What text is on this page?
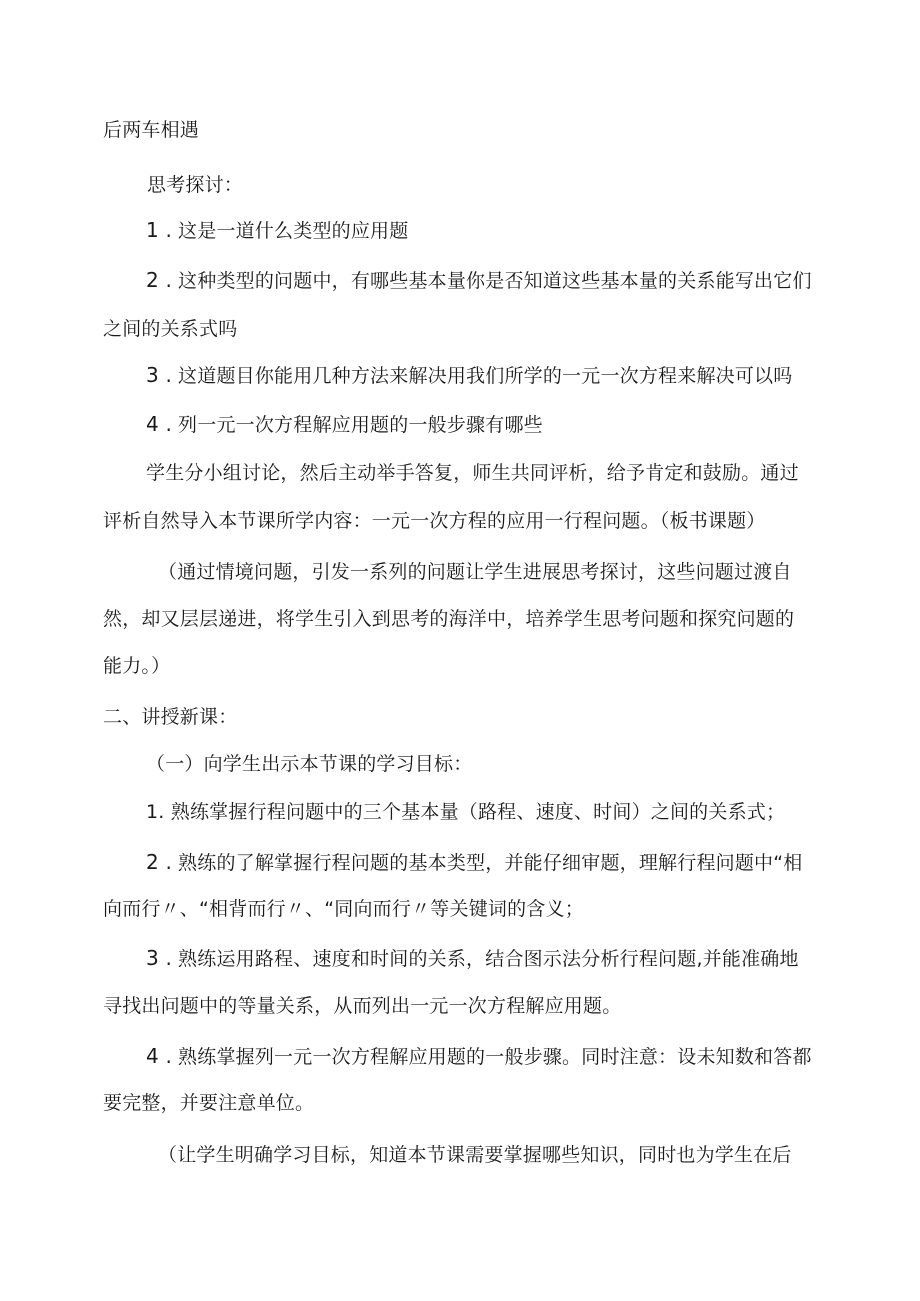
后两车相遇
思考探讨：
1 . 这是一道什么类型的应用题
2 . 这种类型的问题中，有哪些基本量你是否知道这些基本量的关系能写出它们
之间的关系式吗
3 . 这道题目你能用几种方法来解决用我们所学的一元一次方程来解决可以吗
4 . 列一元一次方程解应用题的一般步骤有哪些
学生分小组讨论，然后主动举手答复，师生共同评析，给予肯定和鼓励。通过
评析自然导入本节课所学内容：一元一次方程的应用一行程问题。（板书课题）
（通过情境问题，引发一系列的问题让学生进展思考探讨，这些问题过渡自
然，却又层层递进，将学生引入到思考的海洋中，培养学生思考问题和探究问题的
能力。）
二、讲授新课：
（一）向学生出示本节课的学习目标：
1. 熟练掌握行程问题中的三个基本量（路程、速度、时间）之间的关系式；
2 . 熟练的了解掌握行程问题的基本类型，并能仔细审题，理解行程问题中“相
向而行〃、“相背而行〃、“同向而行〃等关键词的含义；
3 . 熟练运用路程、速度和时间的关系，结合图示法分析行程问题,并能准确地
寻找出问题中的等量关系，从而列出一元一次方程解应用题。
4 . 熟练掌握列一元一次方程解应用题的一般步骤。同时注意：设未知数和答都
要完整，并要注意单位。
（让学生明确学习目标，知道本节课需要掌握哪些知识，同时也为学生在后
